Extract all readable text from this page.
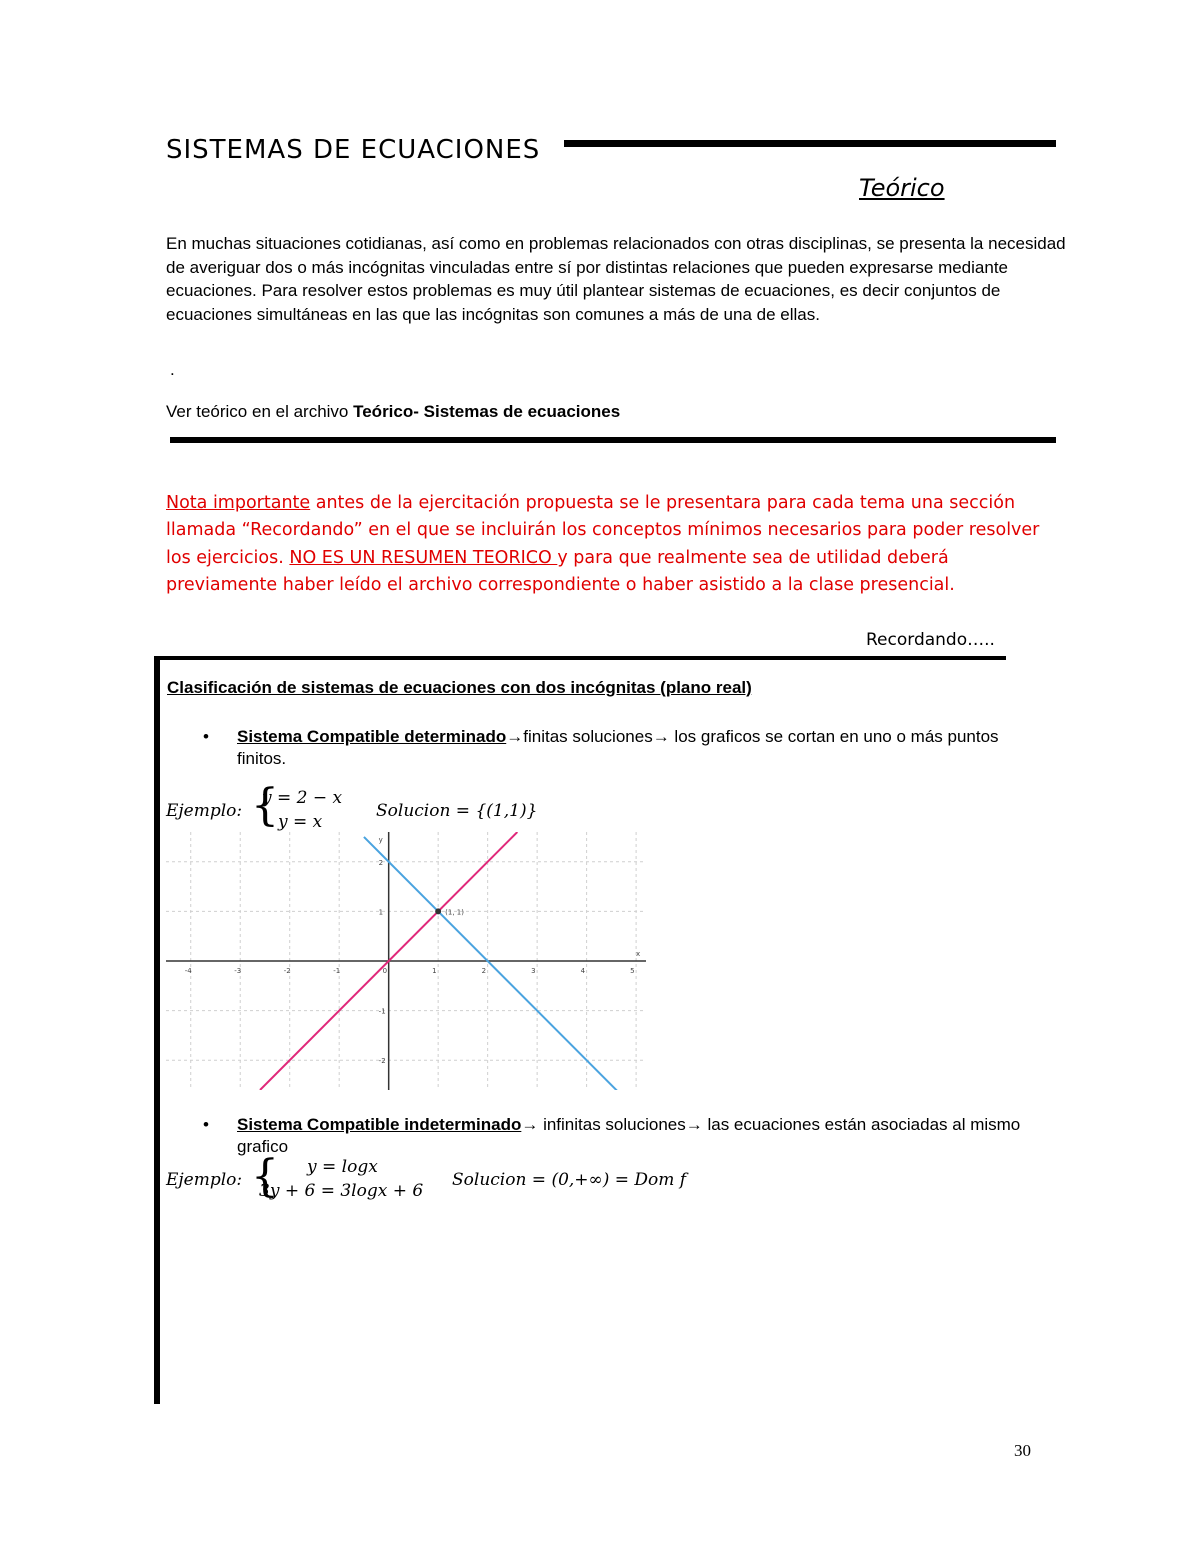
SISTEMAS DE ECUACIONES
Teórico
En muchas situaciones cotidianas, así como en problemas relacionados con otras disciplinas, se presenta la necesidad de averiguar dos o más incógnitas vinculadas entre sí por distintas relaciones que pueden expresarse mediante ecuaciones. Para resolver estos problemas es muy útil plantear sistemas de ecuaciones, es decir conjuntos de ecuaciones simultáneas en las que las incógnitas son comunes a más de una de ellas.
.
Ver teórico en el archivo Teórico- Sistemas de ecuaciones
Nota importante antes de la ejercitación propuesta se le presentara para cada tema una sección llamada “Recordando” en el que se incluirán los conceptos mínimos necesarios para poder resolver los ejercicios. NO ES UN RESUMEN TEORICO y para que realmente sea de utilidad deberá previamente haber leído el archivo correspondiente o haber asistido a la clase presencial.
Recordando…..
Clasificación de sistemas de ecuaciones con dos incógnitas (plano real)
• Sistema Compatible determinado→finitas soluciones→ los graficos se cortan en uno o más puntos finitos.
Ejemplo: {
y = 2 − x
y = x
Solucion = {(1,1)}
-4	-3	-2	-1	0	1	2	3	4	5
2
1
-1
-2
x
y
(1, 1)
• Sistema Compatible indeterminado→ infinitas soluciones→ las ecuaciones están asociadas al mismo grafico
Ejemplo: { y = logx
3y + 6 = 3logx + 6
Solucion = (0,+∞) = Dom f
30
